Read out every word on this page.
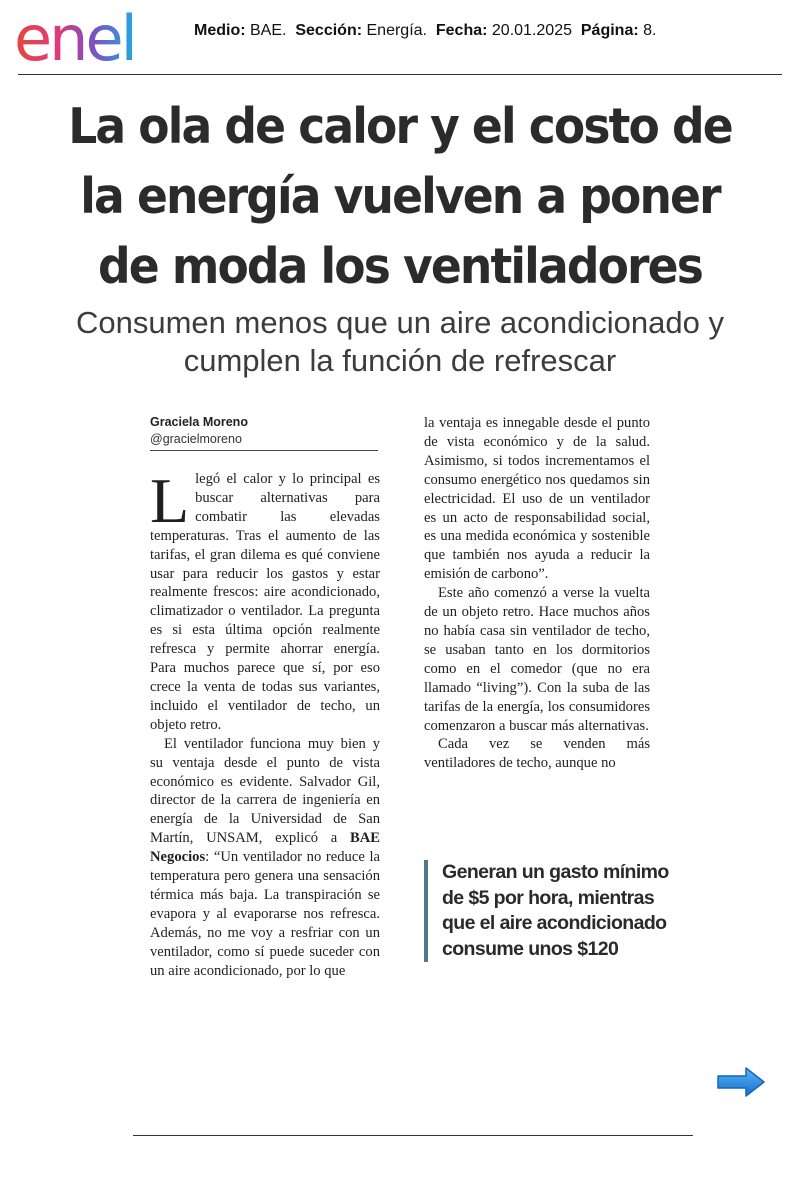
enel	Medio: BAE. Sección: Energía. Fecha: 20.01.2025 Página: 8.
La ola de calor y el costo de la energía vuelven a poner de moda los ventiladores
Consumen menos que un aire acondicionado y cumplen la función de refrescar
Graciela Moreno
@gracielmoreno

Llegó el calor y lo principal es buscar alternativas para combatir las elevadas temperaturas. Tras el aumento de las tarifas, el gran dilema es qué conviene usar para reducir los gastos y estar realmente frescos: aire acondicionado, climatizador o ventilador. La pregunta es si esta última opción realmente refresca y permite ahorrar energía. Para muchos parece que sí, por eso crece la venta de todas sus variantes, incluido el ventilador de techo, un objeto retro.

El ventilador funciona muy bien y su ventaja desde el punto de vista económico es evidente. Salvador Gil, director de la carrera de ingeniería en energía de la Universidad de San Martín, UNSAM, explicó a BAE Negocios: “Un ventilador no reduce la temperatura pero genera una sensación térmica más baja. La transpiración se evapora y al evaporarse nos refresca. Además, no me voy a resfriar con un ventilador, como sí puede suceder con un aire acondicionado, por lo que

la ventaja es innegable desde el punto de vista económico y de la salud. Asimismo, si todos incrementamos el consumo energético nos quedamos sin electricidad. El uso de un ventilador es un acto de responsabilidad social, es una medida económica y sostenible que también nos ayuda a reducir la emisión de carbono”.

Este año comenzó a verse la vuelta de un objeto retro. Hace muchos años no había casa sin ventilador de techo, se usaban tanto en los dormitorios como en el comedor (que no era llamado “living”). Con la suba de las tarifas de la energía, los consumidores comenzaron a buscar más alternativas.

Cada vez se venden más ventiladores de techo, aunque no

Generan un gasto mínimo de $5 por hora, mientras que el aire acondicionado consume unos $120
